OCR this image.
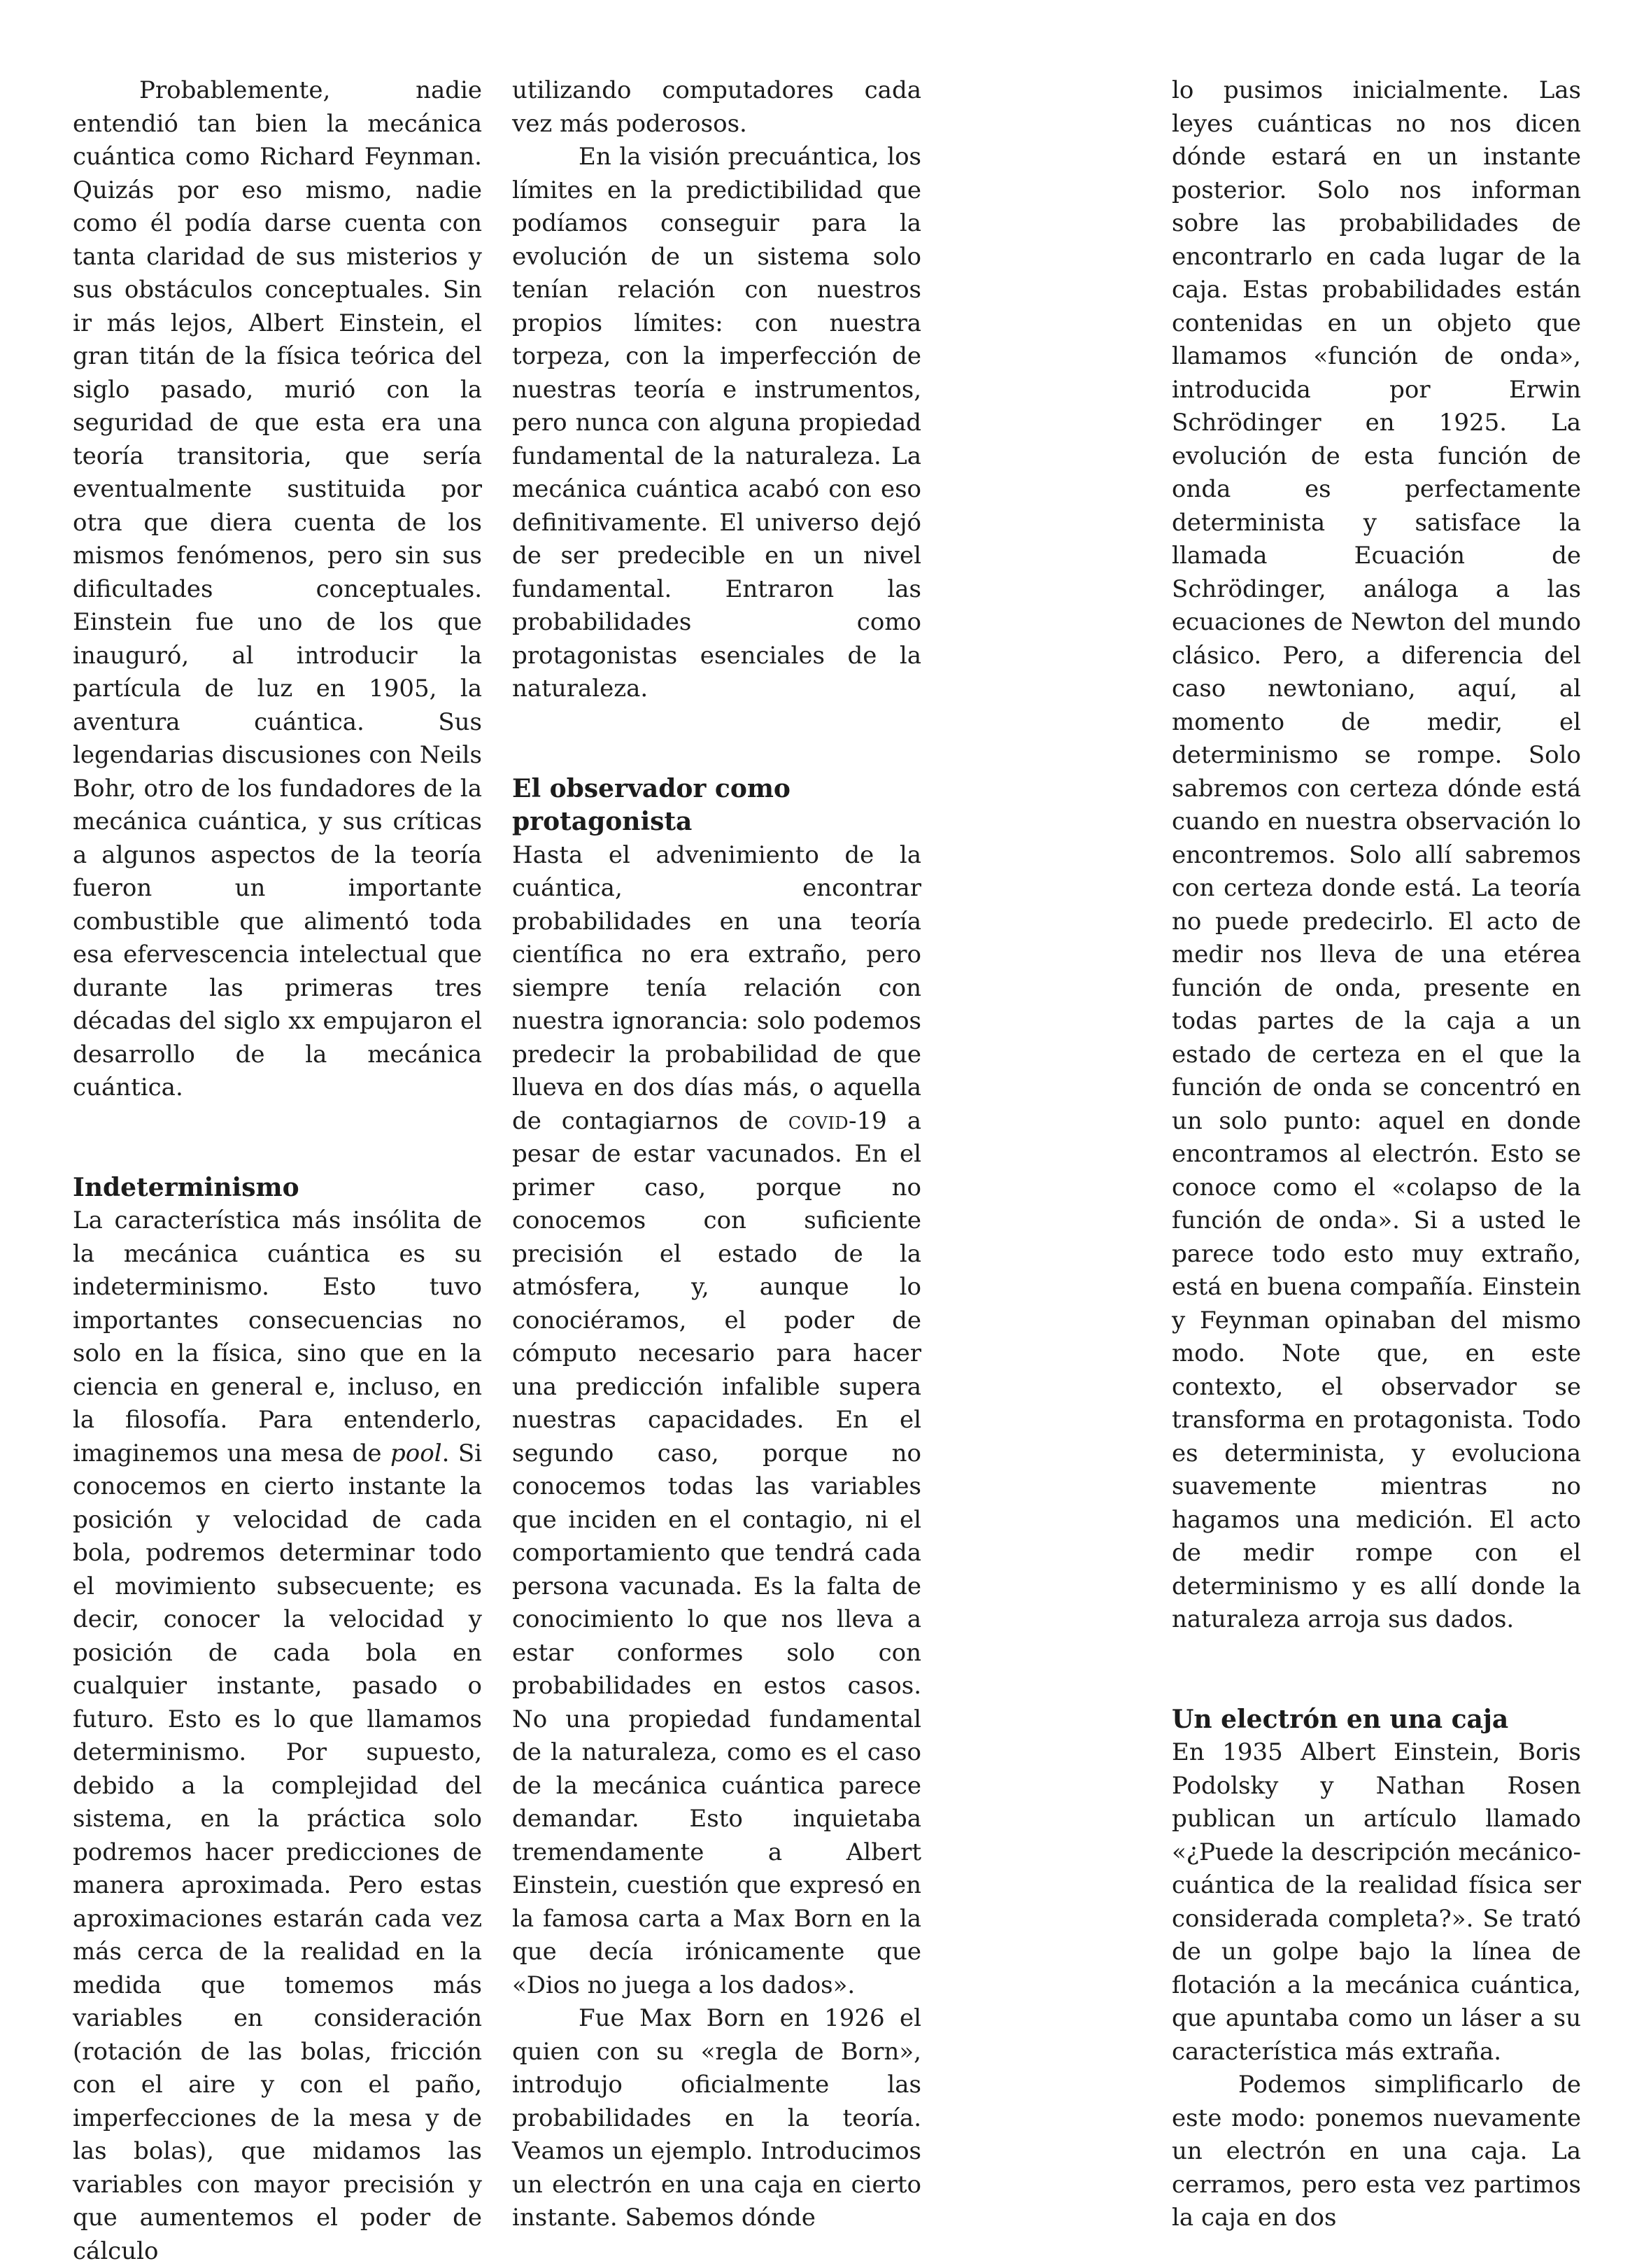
Probablemente, nadie entendió tan bien la mecánica cuántica como Richard Feynman. Quizás por eso mismo, nadie como él podía darse cuenta con tanta claridad de sus misterios y sus obstáculos conceptuales. Sin ir más lejos, Albert Einstein, el gran titán de la física teórica del siglo pasado, murió con la seguridad de que esta era una teoría transitoria, que sería eventualmente sustituida por otra que diera cuenta de los mismos fenómenos, pero sin sus dificultades conceptuales. Einstein fue uno de los que inauguró, al introducir la partícula de luz en 1905, la aventura cuántica. Sus legendarias discusiones con Neils Bohr, otro de los fundadores de la mecánica cuántica, y sus críticas a algunos aspectos de la teoría fueron un importante combustible que alimentó toda esa efervescencia intelectual que durante las primeras tres décadas del siglo xx empujaron el desarrollo de la mecánica cuántica.

Indeterminismo

La característica más insólita de la mecánica cuántica es su indeterminismo. Esto tuvo importantes consecuencias no solo en la física, sino que en la ciencia en general e, incluso, en la filosofía. Para entenderlo, imaginemos una mesa de pool. Si conocemos en cierto instante la posición y velocidad de cada bola, podremos determinar todo el movimiento subsecuente; es decir, conocer la velocidad y posición de cada bola en cualquier instante, pasado o futuro. Esto es lo que llamamos determinismo. Por supuesto, debido a la complejidad del sistema, en la práctica solo podremos hacer predicciones de manera aproximada. Pero estas aproximaciones estarán cada vez más cerca de la realidad en la medida que tomemos más variables en consideración (rotación de las bolas, fricción con el aire y con el paño, imperfecciones de la mesa y de las bolas), que midamos las variables con mayor precisión y que aumentemos el poder de cálculo

utilizando computadores cada vez más poderosos.

En la visión precuántica, los límites en la predictibilidad que podíamos conseguir para la evolución de un sistema solo tenían relación con nuestros propios límites: con nuestra torpeza, con la imperfección de nuestras teoría e instrumentos, pero nunca con alguna propiedad fundamental de la naturaleza. La mecánica cuántica acabó con eso definitivamente. El universo dejó de ser predecible en un nivel fundamental. Entraron las probabilidades como protagonistas esenciales de la naturaleza.

El observador como protagonista

Hasta el advenimiento de la cuántica, encontrar probabilidades en una teoría científica no era extraño, pero siempre tenía relación con nuestra ignorancia: solo podemos predecir la probabilidad de que llueva en dos días más, o aquella de contagiarnos de covid-19 a pesar de estar vacunados. En el primer caso, porque no conocemos con suficiente precisión el estado de la atmósfera, y, aunque lo conociéramos, el poder de cómputo necesario para hacer una predicción infalible supera nuestras capacidades. En el segundo caso, porque no conocemos todas las variables que inciden en el contagio, ni el comportamiento que tendrá cada persona vacunada. Es la falta de conocimiento lo que nos lleva a estar conformes solo con probabilidades en estos casos. No una propiedad fundamental de la naturaleza, como es el caso de la mecánica cuántica parece demandar. Esto inquietaba tremendamente a Albert Einstein, cuestión que expresó en la famosa carta a Max Born en la que decía irónicamente que «Dios no juega a los dados».

Fue Max Born en 1926 el quien con su «regla de Born», introdujo oficialmente las probabilidades en la teoría. Veamos un ejemplo. Introducimos un electrón en una caja en cierto instante. Sabemos dónde

lo pusimos inicialmente. Las leyes cuánticas no nos dicen dónde estará en un instante posterior. Solo nos informan sobre las probabilidades de encontrarlo en cada lugar de la caja. Estas probabilidades están contenidas en un objeto que llamamos «función de onda», introducida por Erwin Schrödinger en 1925. La evolución de esta función de onda es perfectamente determinista y satisface la llamada Ecuación de Schrödinger, análoga a las ecuaciones de Newton del mundo clásico. Pero, a diferencia del caso newtoniano, aquí, al momento de medir, el determinismo se rompe. Solo sabremos con certeza dónde está cuando en nuestra observación lo encontremos. Solo allí sabremos con certeza donde está. La teoría no puede predecirlo. El acto de medir nos lleva de una etérea función de onda, presente en todas partes de la caja a un estado de certeza en el que la función de onda se concentró en un solo punto: aquel en donde encontramos al electrón. Esto se conoce como el «colapso de la función de onda». Si a usted le parece todo esto muy extraño, está en buena compañía. Einstein y Feynman opinaban del mismo modo. Note que, en este contexto, el observador se transforma en protagonista. Todo es determinista, y evoluciona suavemente mientras no hagamos una medición. El acto de medir rompe con el determinismo y es allí donde la naturaleza arroja sus dados.

Un electrón en una caja

En 1935 Albert Einstein, Boris Podolsky y Nathan Rosen publican un artículo llamado «¿Puede la descripción mecánico-cuántica de la realidad física ser considerada completa?». Se trató de un golpe bajo la línea de flotación a la mecánica cuántica, que apuntaba como un láser a su característica más extraña.

Podemos simplificarlo de este modo: ponemos nuevamente un electrón en una caja. La cerramos, pero esta vez partimos la caja en dos
